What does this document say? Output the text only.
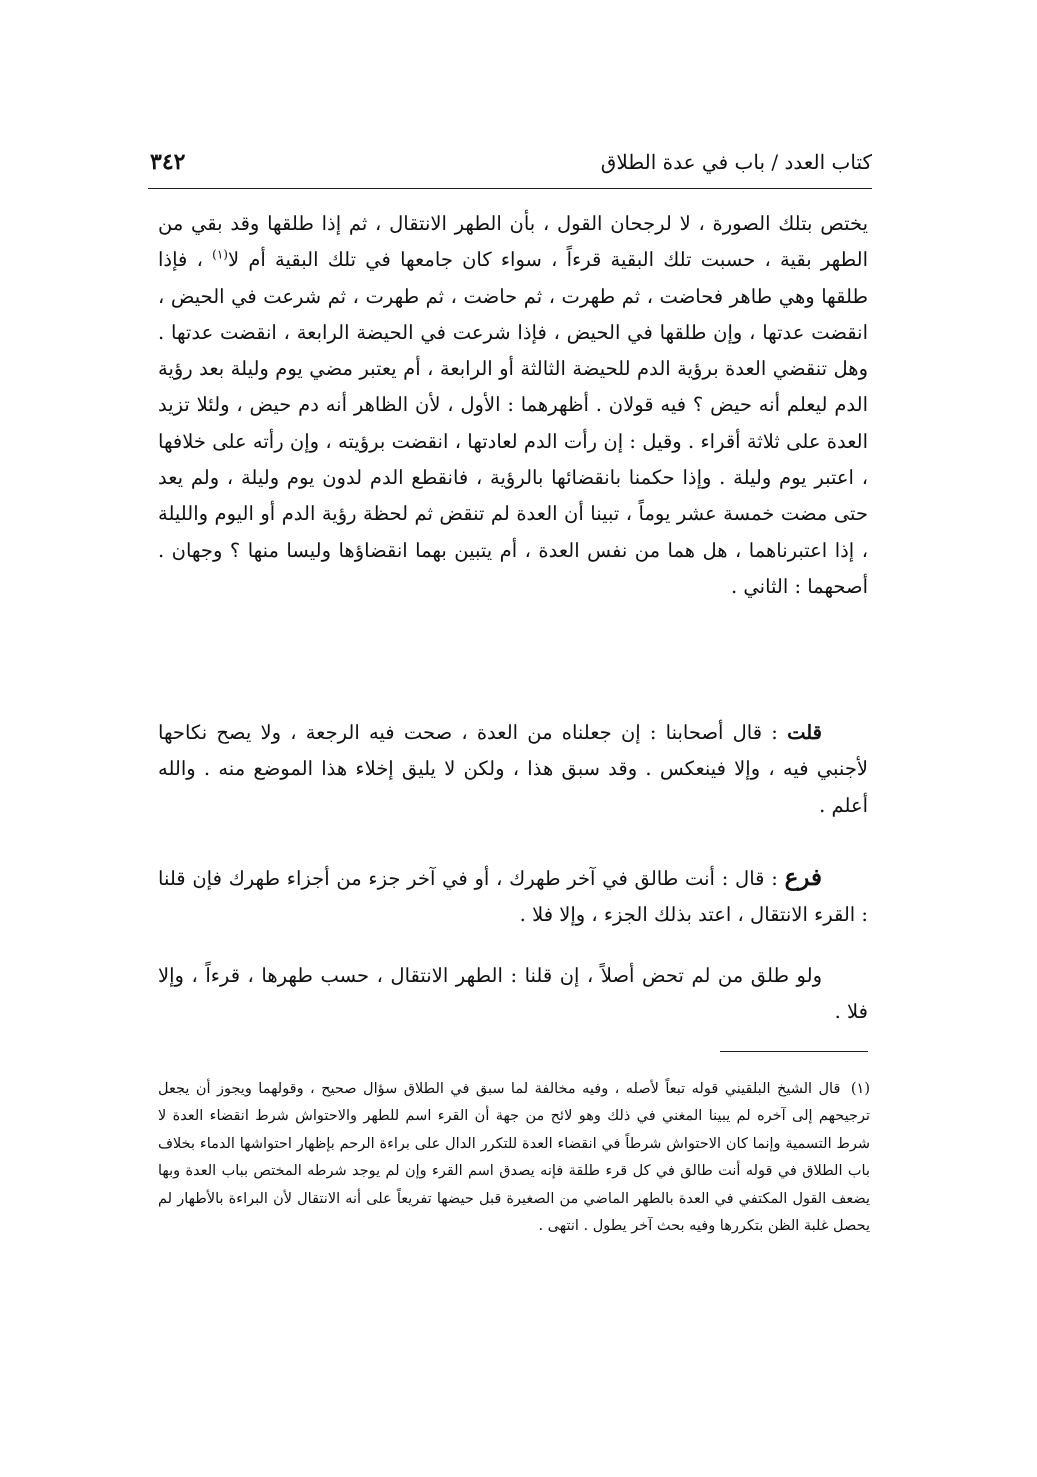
كتاب العدد / باب في عدة الطلاق
٣٤٢
يختص بتلك الصورة ، لا لرجحان القول ، بأن الطهر الانتقال ، ثم إذا طلقها وقد بقي من الطهر بقية ، حسبت تلك البقية قرءاً ، سواء كان جامعها في تلك البقية أم لا$^{(١)}$ ، فإذا طلقها وهي طاهر فحاضت ، ثم طهرت ، ثم حاضت ، ثم طهرت ، ثم شرعت في الحيض ، انقضت عدتها ، وإن طلقها في الحيض ، فإذا شرعت في الحيضة الرابعة ، انقضت عدتها . وهل تنقضي العدة برؤية الدم للحيضة الثالثة أو الرابعة ، أم يعتبر مضي يوم وليلة بعد رؤية الدم ليعلم أنه حيض ؟ فيه قولان . أظهرهما : الأول ، لأن الظاهر أنه دم حيض ، ولئلا تزيد العدة على ثلاثة أقراء . وقيل : إن رأت الدم لعادتها ، انقضت برؤيته ، وإن رأته على خلافها ، اعتبر يوم وليلة . وإذا حكمنا بانقضائها بالرؤية ، فانقطع الدم لدون يوم وليلة ، ولم يعد حتى مضت خمسة عشر يوماً ، تبينا أن العدة لم تنقض ثم لحظة رؤية الدم أو اليوم والليلة ، إذا اعتبرناهما ، هل هما من نفس العدة ، أم يتبين بهما انقضاؤها وليسا منها ؟ وجهان . أصحهما : الثاني .
قلت : قال أصحابنا : إن جعلناه من العدة ، صحت فيه الرجعة ، ولا يصح نكاحها لأجنبي فيه ، وإلا فينعكس . وقد سبق هذا ، ولكن لا يليق إخلاء هذا الموضع منه . والله أعلم .
فرع : قال : أنت طالق في آخر طهرك ، أو في آخر جزء من أجزاء طهرك فإن قلنا : القرء الانتقال ، اعتد بذلك الجزء ، وإلا فلا .
ولو طلق من لم تحض أصلاً ، إن قلنا : الطهر الانتقال ، حسب طهرها ، قرءاً ، وإلا فلا .
(١) قال الشيخ البلقيني قوله تبعاً لأصله ، وفيه مخالفة لما سبق في الطلاق سؤال صحيح ، وقولهما ويجوز أن يجعل ترجيحهم إلى آخره لم يبينا المغني في ذلك وهو لائح من جهة أن القرء اسم للطهر والاحتواش شرط انقضاء العدة لا شرط التسمية وإنما كان الاحتواش شرطاً في انقضاء العدة للتكرر الدال على براءة الرحم بإظهار احتواشها الدماء بخلاف باب الطلاق في قوله أنت طالق في كل قرء طلقة فإنه يصدق اسم القرء وإن لم يوجد شرطه المختص بباب العدة وبها يضعف القول المكتفي في العدة بالطهر الماضي من الصغيرة قبل حيضها تفريعاً على أنه الانتقال لأن البراءة بالأطهار لم يحصل غلبة الظن بتكررها وفيه بحث آخر يطول . انتهى .
